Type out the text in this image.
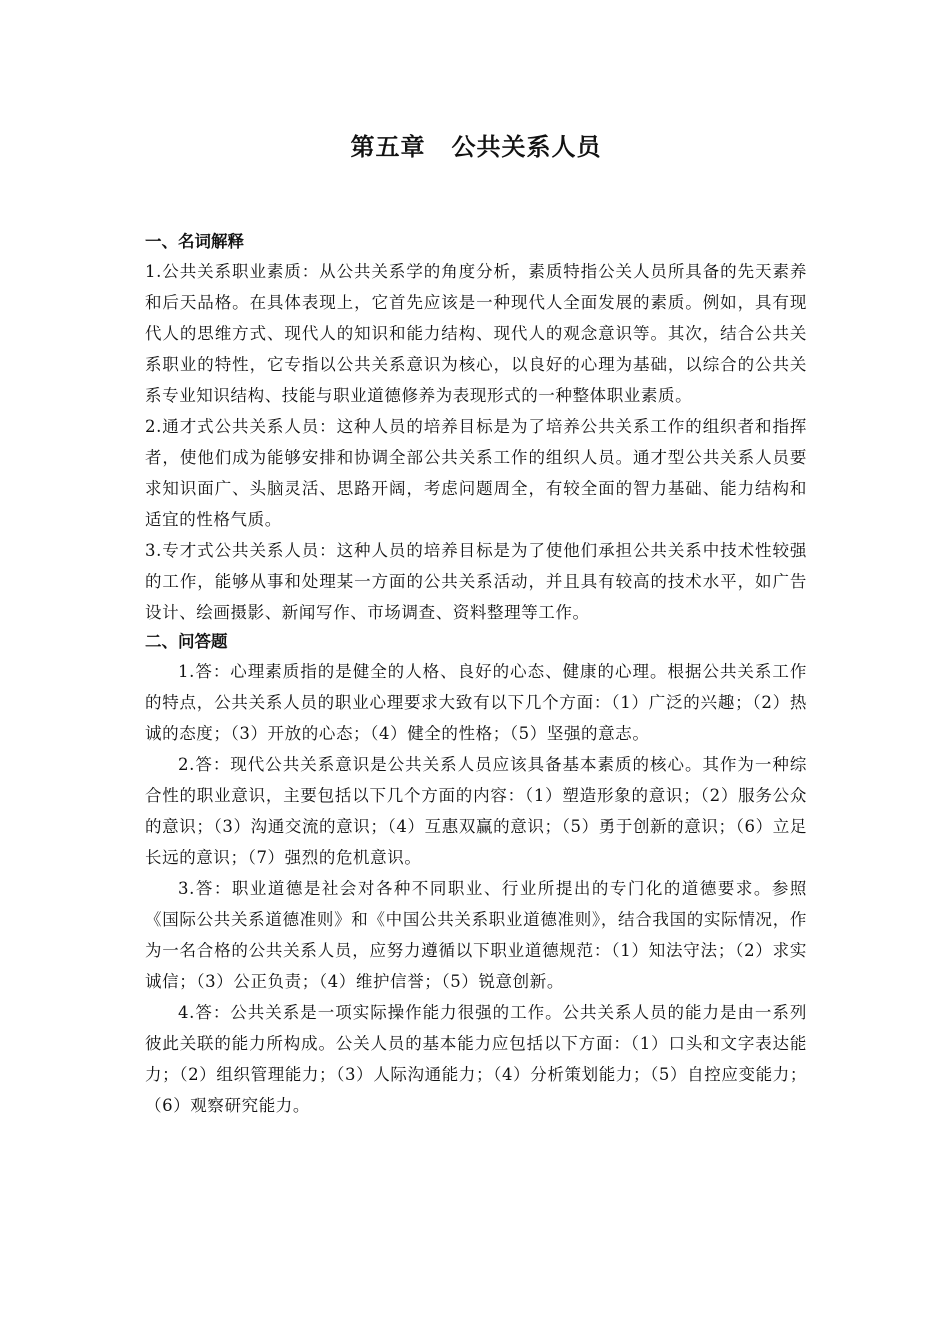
第五章 公共关系人员

一、名词解释

1.公共关系职业素质：从公共关系学的角度分析，素质特指公关人员所具备的先天素养和后天品格。在具体表现上，它首先应该是一种现代人全面发展的素质。例如，具有现代人的思维方式、现代人的知识和能力结构、现代人的观念意识等。其次，结合公共关系职业的特性，它专指以公共关系意识为核心，以良好的心理为基础，以综合的公共关系专业知识结构、技能与职业道德修养为表现形式的一种整体职业素质。

2.通才式公共关系人员：这种人员的培养目标是为了培养公共关系工作的组织者和指挥者，使他们成为能够安排和协调全部公共关系工作的组织人员。通才型公共关系人员要求知识面广、头脑灵活、思路开阔，考虑问题周全，有较全面的智力基础、能力结构和适宜的性格气质。

3.专才式公共关系人员：这种人员的培养目标是为了使他们承担公共关系中技术性较强的工作，能够从事和处理某一方面的公共关系活动，并且具有较高的技术水平，如广告设计、绘画摄影、新闻写作、市场调查、资料整理等工作。

二、问答题

1.答：心理素质指的是健全的人格、良好的心态、健康的心理。根据公共关系工作的特点，公共关系人员的职业心理要求大致有以下几个方面：（1）广泛的兴趣；（2）热诚的态度；（3）开放的心态；（4）健全的性格；（5）坚强的意志。

2.答：现代公共关系意识是公共关系人员应该具备基本素质的核心。其作为一种综合性的职业意识，主要包括以下几个方面的内容：（1）塑造形象的意识；（2）服务公众的意识；（3）沟通交流的意识；（4）互惠双赢的意识；（5）勇于创新的意识；（6）立足长远的意识；（7）强烈的危机意识。

3.答：职业道德是社会对各种不同职业、行业所提出的专门化的道德要求。参照《国际公共关系道德准则》和《中国公共关系职业道德准则》，结合我国的实际情况，作为一名合格的公共关系人员，应努力遵循以下职业道德规范：（1）知法守法；（2）求实诚信；（3）公正负责；（4）维护信誉；（5）锐意创新。

4.答：公共关系是一项实际操作能力很强的工作。公共关系人员的能力是由一系列彼此关联的能力所构成。公关人员的基本能力应包括以下方面：（1）口头和文字表达能力；（2）组织管理能力；（3）人际沟通能力；（4）分析策划能力；（5）自控应变能力；（6）观察研究能力。
